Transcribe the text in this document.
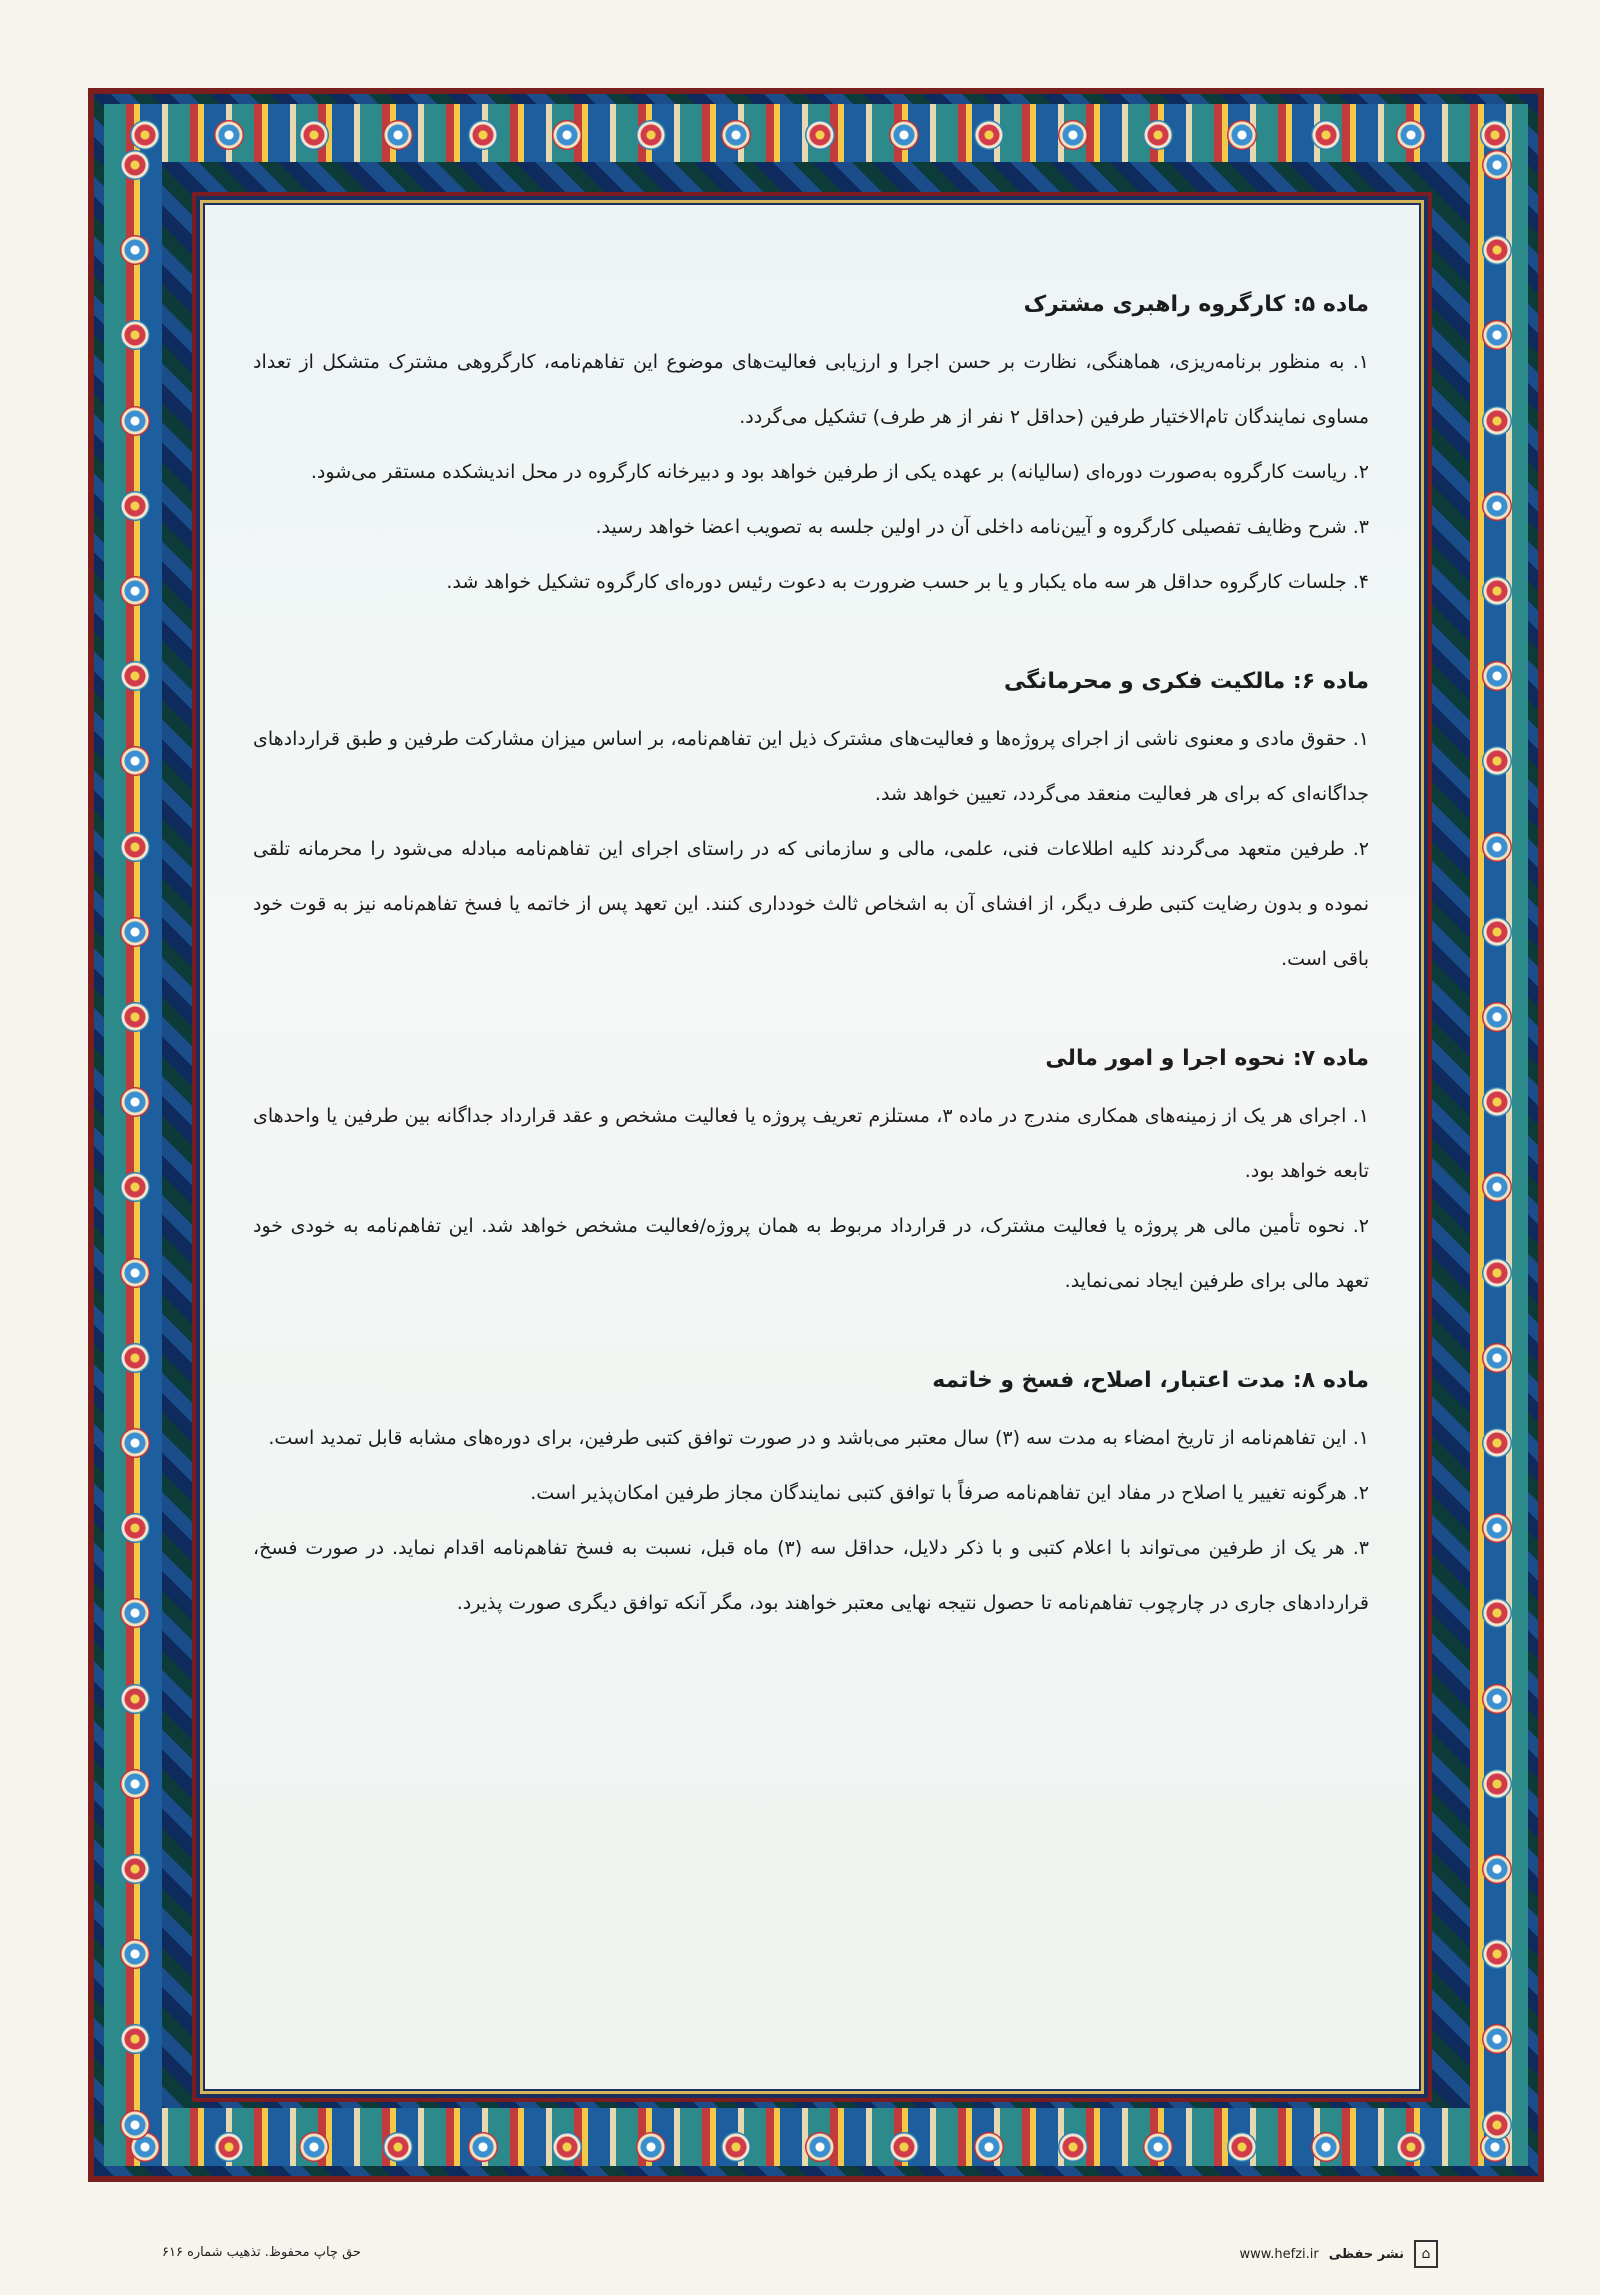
ماده ۵: کارگروه راهبری مشترک

۱. به منظور برنامه‌ریزی، هماهنگی، نظارت بر حسن اجرا و ارزیابی فعالیت‌های موضوع این تفاهم‌نامه، کارگروهی مشترک متشکل از تعداد مساوی نمایندگان تام‌الاختیار طرفین (حداقل ۲ نفر از هر طرف) تشکیل می‌گردد.

۲. ریاست کارگروه به‌صورت دوره‌ای (سالیانه) بر عهده یکی از طرفین خواهد بود و دبیرخانه کارگروه در محل اندیشکده مستقر می‌شود.

۳. شرح وظایف تفصیلی کارگروه و آیین‌نامه داخلی آن در اولین جلسه به تصویب اعضا خواهد رسید.

۴. جلسات کارگروه حداقل هر سه ماه یکبار و یا بر حسب ضرورت به دعوت رئیس دوره‌ای کارگروه تشکیل خواهد شد.

ماده ۶: مالکیت فکری و محرمانگی

۱. حقوق مادی و معنوی ناشی از اجرای پروژه‌ها و فعالیت‌های مشترک ذیل این تفاهم‌نامه، بر اساس میزان مشارکت طرفین و طبق قراردادهای جداگانه‌ای که برای هر فعالیت منعقد می‌گردد، تعیین خواهد شد.

۲. طرفین متعهد می‌گردند کلیه اطلاعات فنی، علمی، مالی و سازمانی که در راستای اجرای این تفاهم‌نامه مبادله می‌شود را محرمانه تلقی نموده و بدون رضایت کتبی طرف دیگر، از افشای آن به اشخاص ثالث خودداری کنند. این تعهد پس از خاتمه یا فسخ تفاهم‌نامه نیز به قوت خود باقی است.

ماده ۷: نحوه اجرا و امور مالی

۱. اجرای هر یک از زمینه‌های همکاری مندرج در ماده ۳، مستلزم تعریف پروژه یا فعالیت مشخص و عقد قرارداد جداگانه بین طرفین یا واحدهای تابعه خواهد بود.

۲. نحوه تأمین مالی هر پروژه یا فعالیت مشترک، در قرارداد مربوط به همان پروژه/فعالیت مشخص خواهد شد. این تفاهم‌نامه به خودی خود تعهد مالی برای طرفین ایجاد نمی‌نماید.

ماده ۸: مدت اعتبار، اصلاح، فسخ و خاتمه

۱. این تفاهم‌نامه از تاریخ امضاء به مدت سه (۳) سال معتبر می‌باشد و در صورت توافق کتبی طرفین، برای دوره‌های مشابه قابل تمدید است.

۲. هرگونه تغییر یا اصلاح در مفاد این تفاهم‌نامه صرفاً با توافق کتبی نمایندگان مجاز طرفین امکان‌پذیر است.

۳. هر یک از طرفین می‌تواند با اعلام کتبی و با ذکر دلایل، حداقل سه (۳) ماه قبل، نسبت به فسخ تفاهم‌نامه اقدام نماید. در صورت فسخ، قراردادهای جاری در چارچوب تفاهم‌نامه تا حصول نتیجه نهایی معتبر خواهند بود، مگر آنکه توافق دیگری صورت پذیرد.

حق چاپ محفوظ. تذهیب شماره ۶۱۶	www.hefzi.ir نشر حفظی	⌂
